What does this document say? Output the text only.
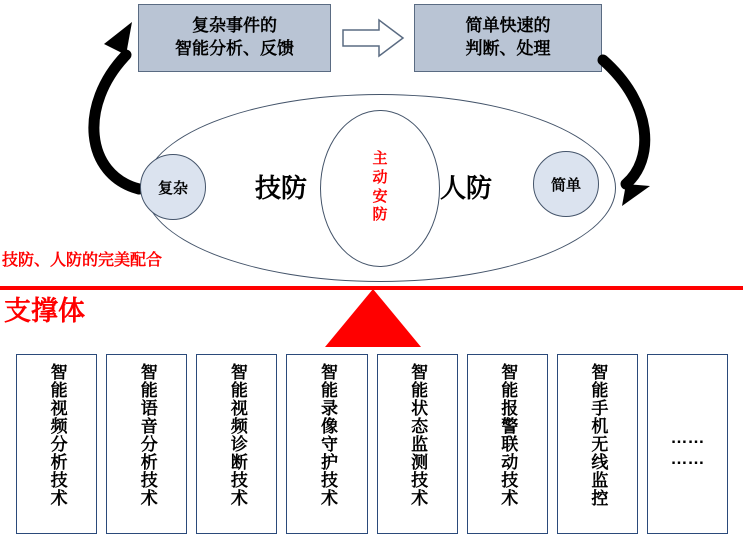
复杂事件的
智能分析、反馈
简单快速的
判断、处理
主
动
安
防
技防	人防
复杂	简单
技防、人防的完美配合
支撑体
智能视频分析技术	智能语音分析技术	智能视频诊断技术	智能录像守护技术	智能状态监测技术	智能报警联动技术	智能手机无线监控	……
……
